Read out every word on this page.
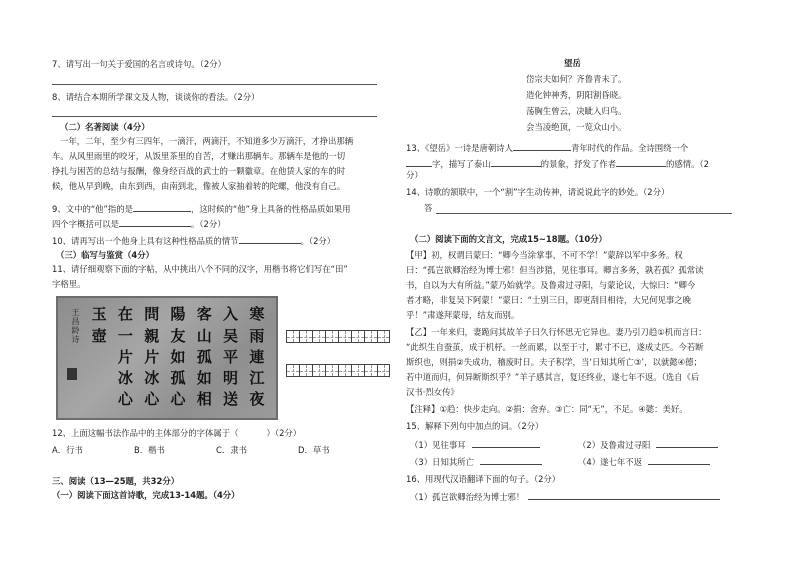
7、请写出一句关于爱国的名言或诗句。（2分）
8、请结合本期所学课文及人物，谈谈你的看法。（2分）
（二）名著阅读（4分）
一年，二年，至少有三四年，一滴汗，两滴汗，不知道多少万滴汗，才挣出那辆
车。从风里雨里的咬牙，从饭里茶里的自苦，才赚出那辆车。那辆车是他的一切
挣扎与困苦的总结与报酬，像身经百战的武士的一颗徽章。在他赁人家的车的时
候，他从早到晚，由东到西，由南到北，像被人家抽着转的陀螺，他没有自己。
9、文中的“他”指的是	，这时候的“他”身上具备的性格品质如果用
四个字概括可以是	。（2分）
10、请再写出一个他身上具有这种性格品质的情节	。（2分）
（三）临写与鉴赏（4分）
11、请仔细观察下面的字帖，从中挑出八个不同的汉字，用楷书将它们写在“田”
字格里。
王昌龄诗 玉 在 問 陽 客 入 寒
壺 一 親 友 山 吴 雨
片 片 如 孤 平 連
冰 冰 孤 如 明 江
心 心 心 相 送 夜
12、上面这幅书法作品中的主体部分的字体属于（	）（2分）
A．行书	B．楷书	C．隶书	D．草书
三、阅读（13—25题，共32分）
（一）阅读下面这首诗歌，完成13-14题。（4分）
望岳
岱宗夫如何？齐鲁青未了。
造化钟神秀，阴阳割昏晓。
荡胸生曾云，决眦入归鸟。
会当凌绝顶，一览众山小。
13、《望岳》一诗是唐朝诗人	青年时代的作品。全诗围绕一个
字，描写了泰山	的景象，抒发了作者	的感情。（2
分）
14、诗歌的颔联中，一个“割”字生动传神，请说说此字的妙处。（2分）
答
（二）阅读下面的文言文，完成15~18题。（10分）
【甲】初，权谓吕蒙曰：“卿今当涂掌事，不可不学！”蒙辞以军中多务。权
曰：“孤岂欲卿治经为博士邪！但当涉猎，见往事耳。卿言多务，孰若孤？孤常读
书，自以为大有所益。”蒙乃始就学。及鲁肃过寻阳，与蒙论议，大惊曰：“卿今
者才略，非复吴下阿蒙！”蒙曰：“士别三日，即更刮目相待，大兄何见事之晚
乎！”肃遂拜蒙母，结友而别。
【乙】一年来归，妻跪问其故羊子曰久行怀思无它异也。妻乃引刀趋①机而言曰：
“此织生自蚕茧，成于机杼。一丝而累，以至于寸，累寸不已，遂成丈匹。今若断
斯织也，则捐②失成功，稽废时日。夫子积学，当‘日知其所亡③’，以就懿④德；
若中道而归，何异断斯织乎？”羊子感其言，复还终业，遂七年不返。（选自《后
汉书·烈女传》
【注释】①趋：快步走向。②捐：舍弃。③亡：同“无”，不足。④懿：美好。
15、解释下列句中加点的词。（2分）
（1）见往事耳	（2）及鲁肃过寻阳
（3）日知其所亡	（4）遂七年不返
16、用现代汉语翻译下面的句子。（2分）
（1）孤岂欲卿治经为博士邪！
